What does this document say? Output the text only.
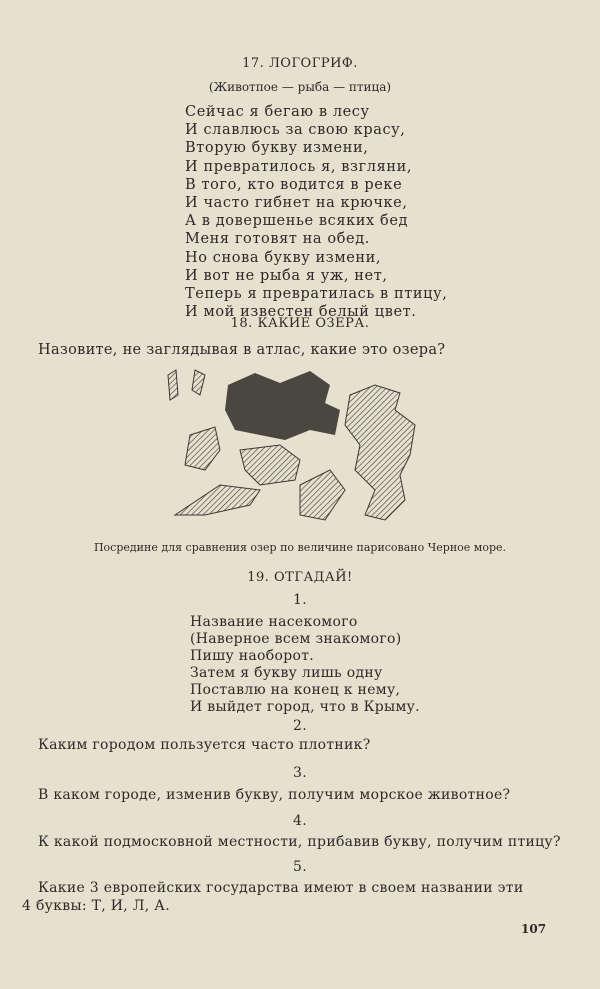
17. ЛОГОГРИФ.
(Животпое — рыба — птица)
Сейчас я бегаю в лесу
И славлюсь за свою красу,
Вторую букву измени,
И превратилось я, взгляни,
В того, кто водится в реке
И часто гибнет на крючке,
А в довершенье всяких бед
Меня готовят на обед.
Но снова букву измени,
И вот не рыба я уж, нет,
Теперь я превратилась в птицу,
И мой известен белый цвет.
18. КАКИЕ ОЗЕРА.
Назовите, не заглядывая в атлас, какие это озера?
Посредине для сравнения озер по величине парисовано Черное море.
19. ОТГАДАЙ!
1.
Название насекомого
(Наверное всем знакомого)
Пишу наоборот.
Затем я букву лишь одну
Поставлю на конец к нему,
И выйдет город, что в Крыму.
2.
Каким городом пользуется часто плотник?
3.
В каком городе, изменив букву, получим морское животное?
4.
К какой подмосковной местности, прибавив букву, получим птицу?
5.
Какие 3 европейских государства имеют в своем названии эти
4 буквы: Т, И, Л, А.
107
